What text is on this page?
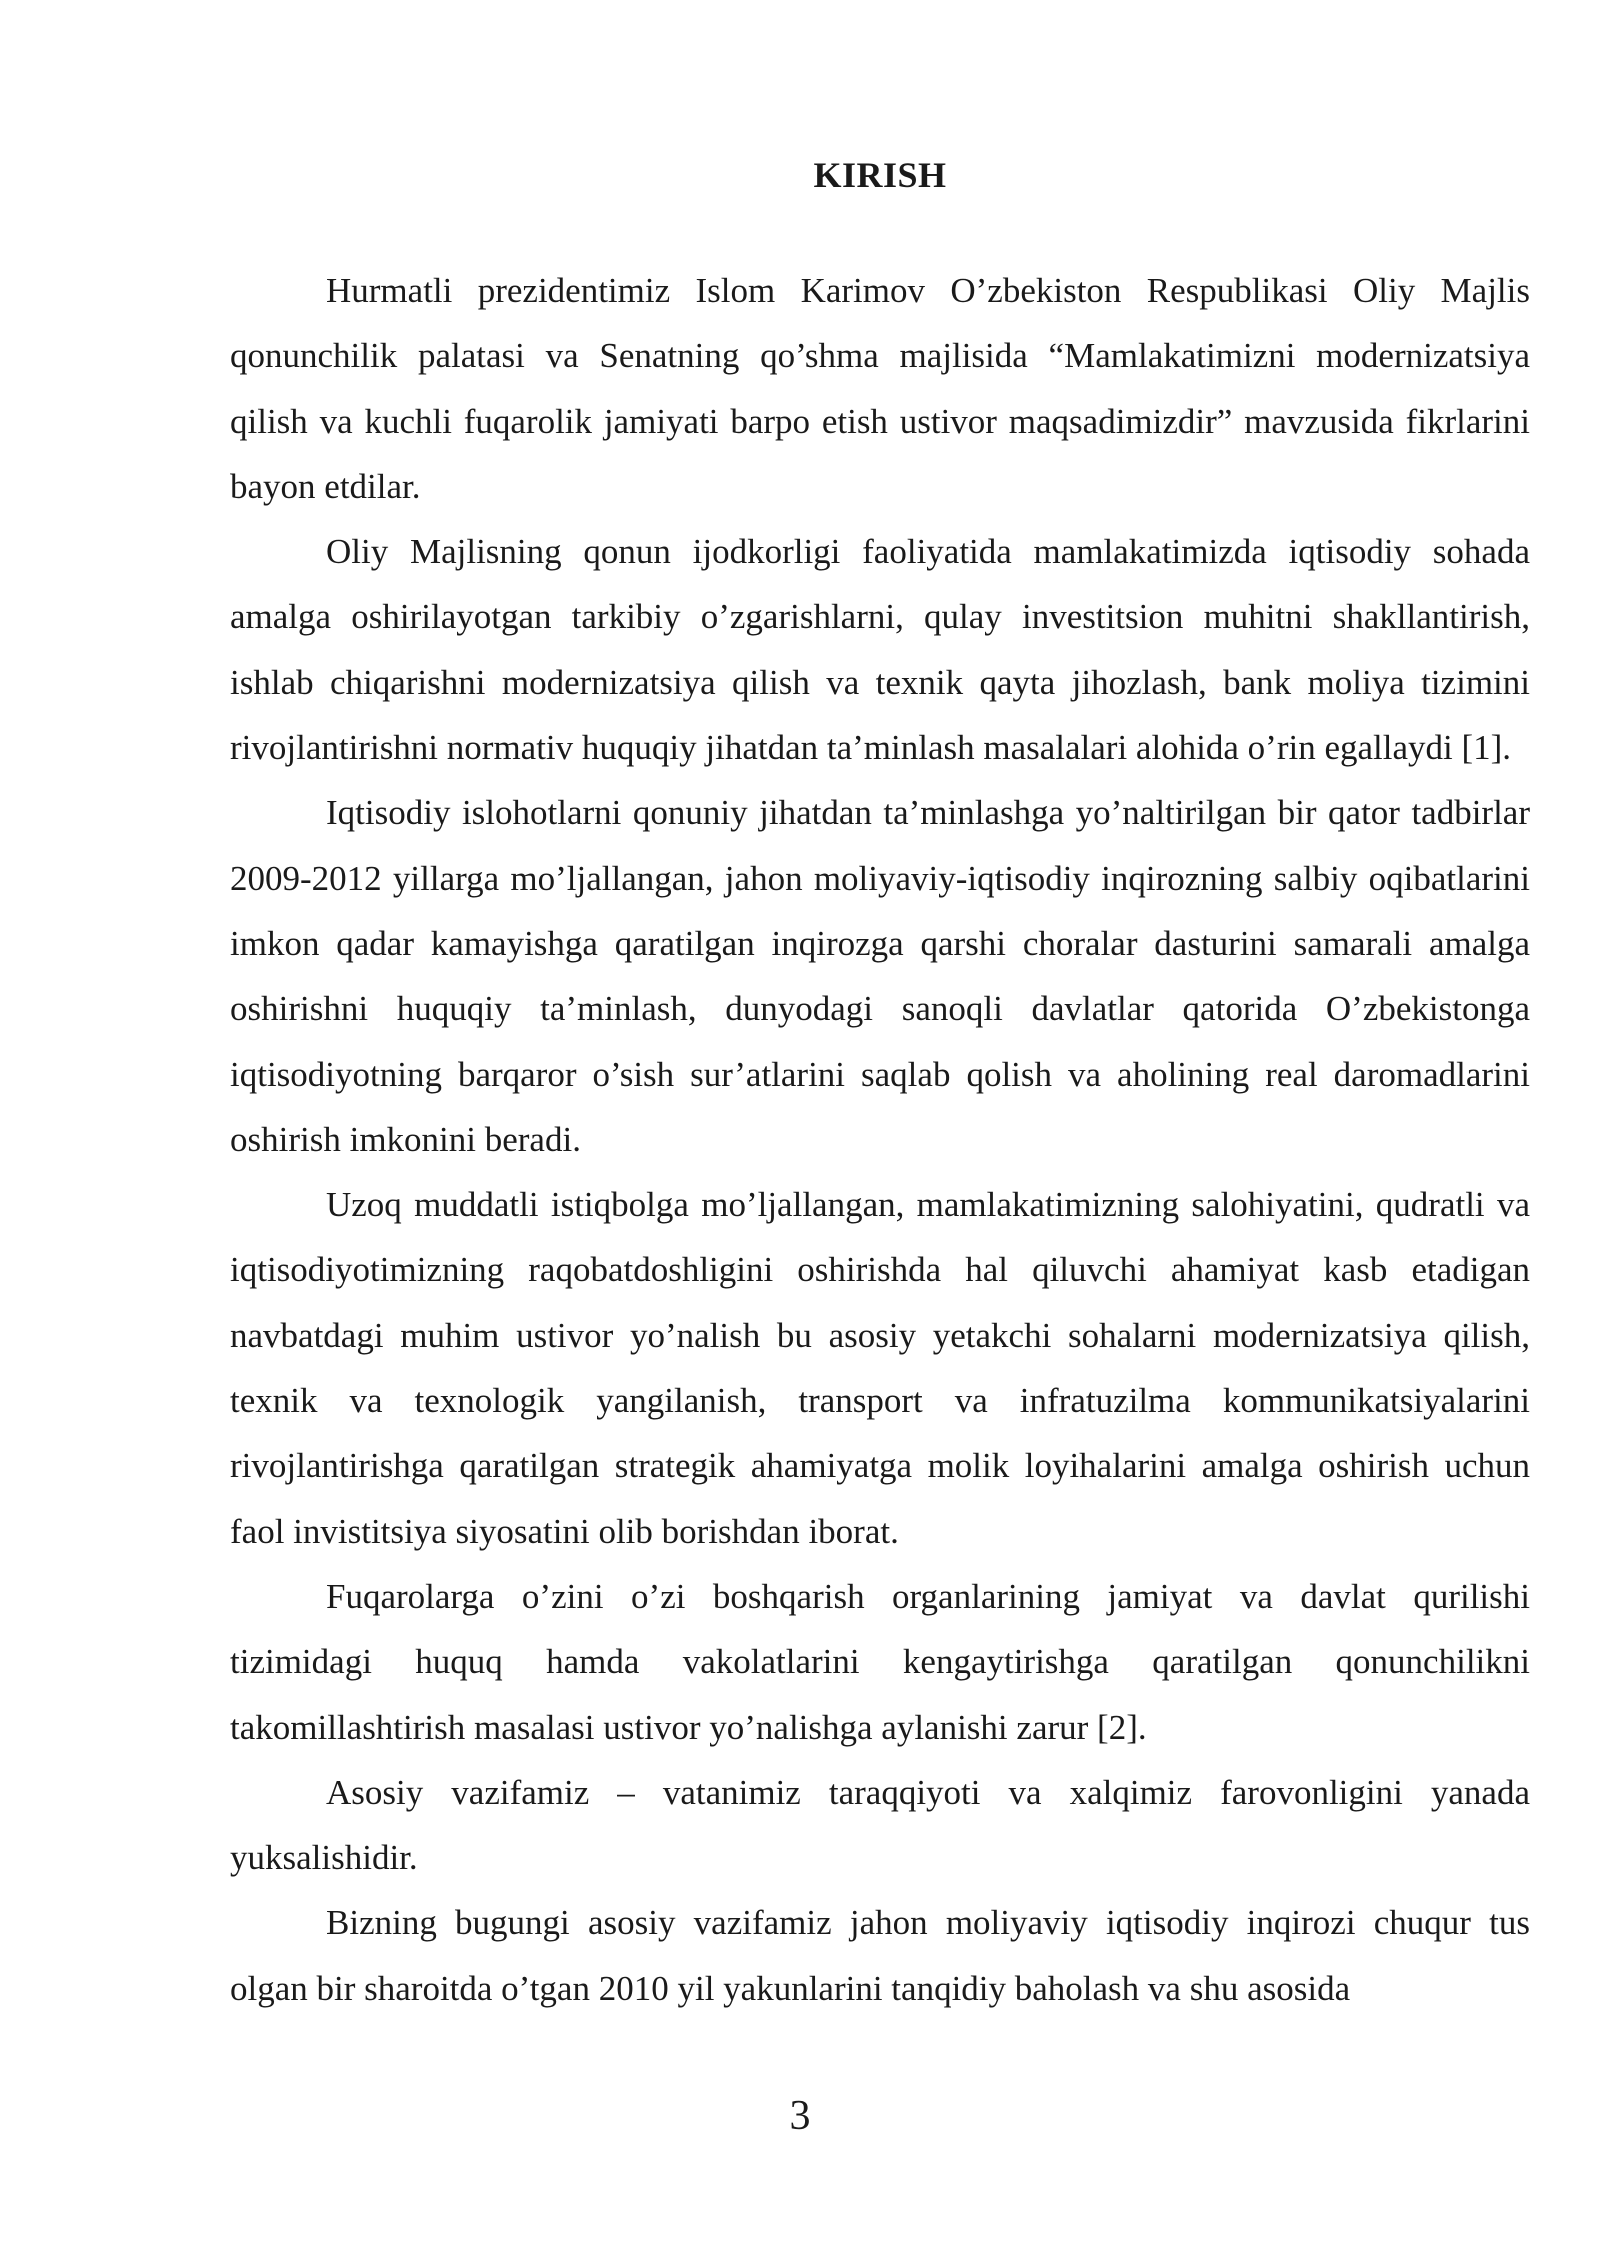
KIRISH

Hurmatli prezidentimiz Islom Karimov O’zbekiston Respublikasi Oliy Majlis qonunchilik palatasi va Senatning qo’shma majlisida “Mamlakatimizni modernizatsiya qilish va kuchli fuqarolik jamiyati barpo etish ustivor maqsadimizdir” mavzusida fikrlarini bayon etdilar.

Oliy Majlisning qonun ijodkorligi faoliyatida mamlakatimizda iqtisodiy sohada amalga oshirilayotgan tarkibiy o’zgarishlarni, qulay investitsion muhitni shakllantirish, ishlab chiqarishni modernizatsiya qilish va texnik qayta jihozlash, bank moliya tizimini rivojlantirishni normativ huquqiy jihatdan ta’minlash masalalari alohida o’rin egallaydi [1].

Iqtisodiy islohotlarni qonuniy jihatdan ta’minlashga yo’naltirilgan bir qator tadbirlar 2009-2012 yillarga mo’ljallangan, jahon moliyaviy-iqtisodiy inqirozning salbiy oqibatlarini imkon qadar kamayishga qaratilgan inqirozga qarshi choralar dasturini samarali amalga oshirishni huquqiy ta’minlash, dunyodagi sanoqli davlatlar qatorida O’zbekistonga iqtisodiyotning barqaror o’sish sur’atlarini saqlab qolish va aholining real daromadlarini oshirish imkonini beradi.

Uzoq muddatli istiqbolga mo’ljallangan, mamlakatimizning salohiyatini, qudratli va iqtisodiyotimizning raqobatdoshligini oshirishda hal qiluvchi ahamiyat kasb etadigan navbatdagi muhim ustivor yo’nalish bu asosiy yetakchi sohalarni modernizatsiya qilish, texnik va texnologik yangilanish, transport va infratuzilma kommunikatsiyalarini rivojlantirishga qaratilgan strategik ahamiyatga molik loyihalarini amalga oshirish uchun faol invistitsiya siyosatini olib borishdan iborat.

Fuqarolarga o’zini o’zi boshqarish organlarining jamiyat va davlat qurilishi tizimidagi huquq hamda vakolatlarini kengaytirishga qaratilgan qonunchilikni takomillashtirish masalasi ustivor yo’nalishga aylanishi zarur [2].

Asosiy vazifamiz – vatanimiz taraqqiyoti va xalqimiz farovonligini yanada yuksalishidir.

Bizning bugungi asosiy vazifamiz jahon moliyaviy iqtisodiy inqirozi chuqur tus olgan bir sharoitda o’tgan 2010 yil yakunlarini tanqidiy baholash va shu asosida

3
